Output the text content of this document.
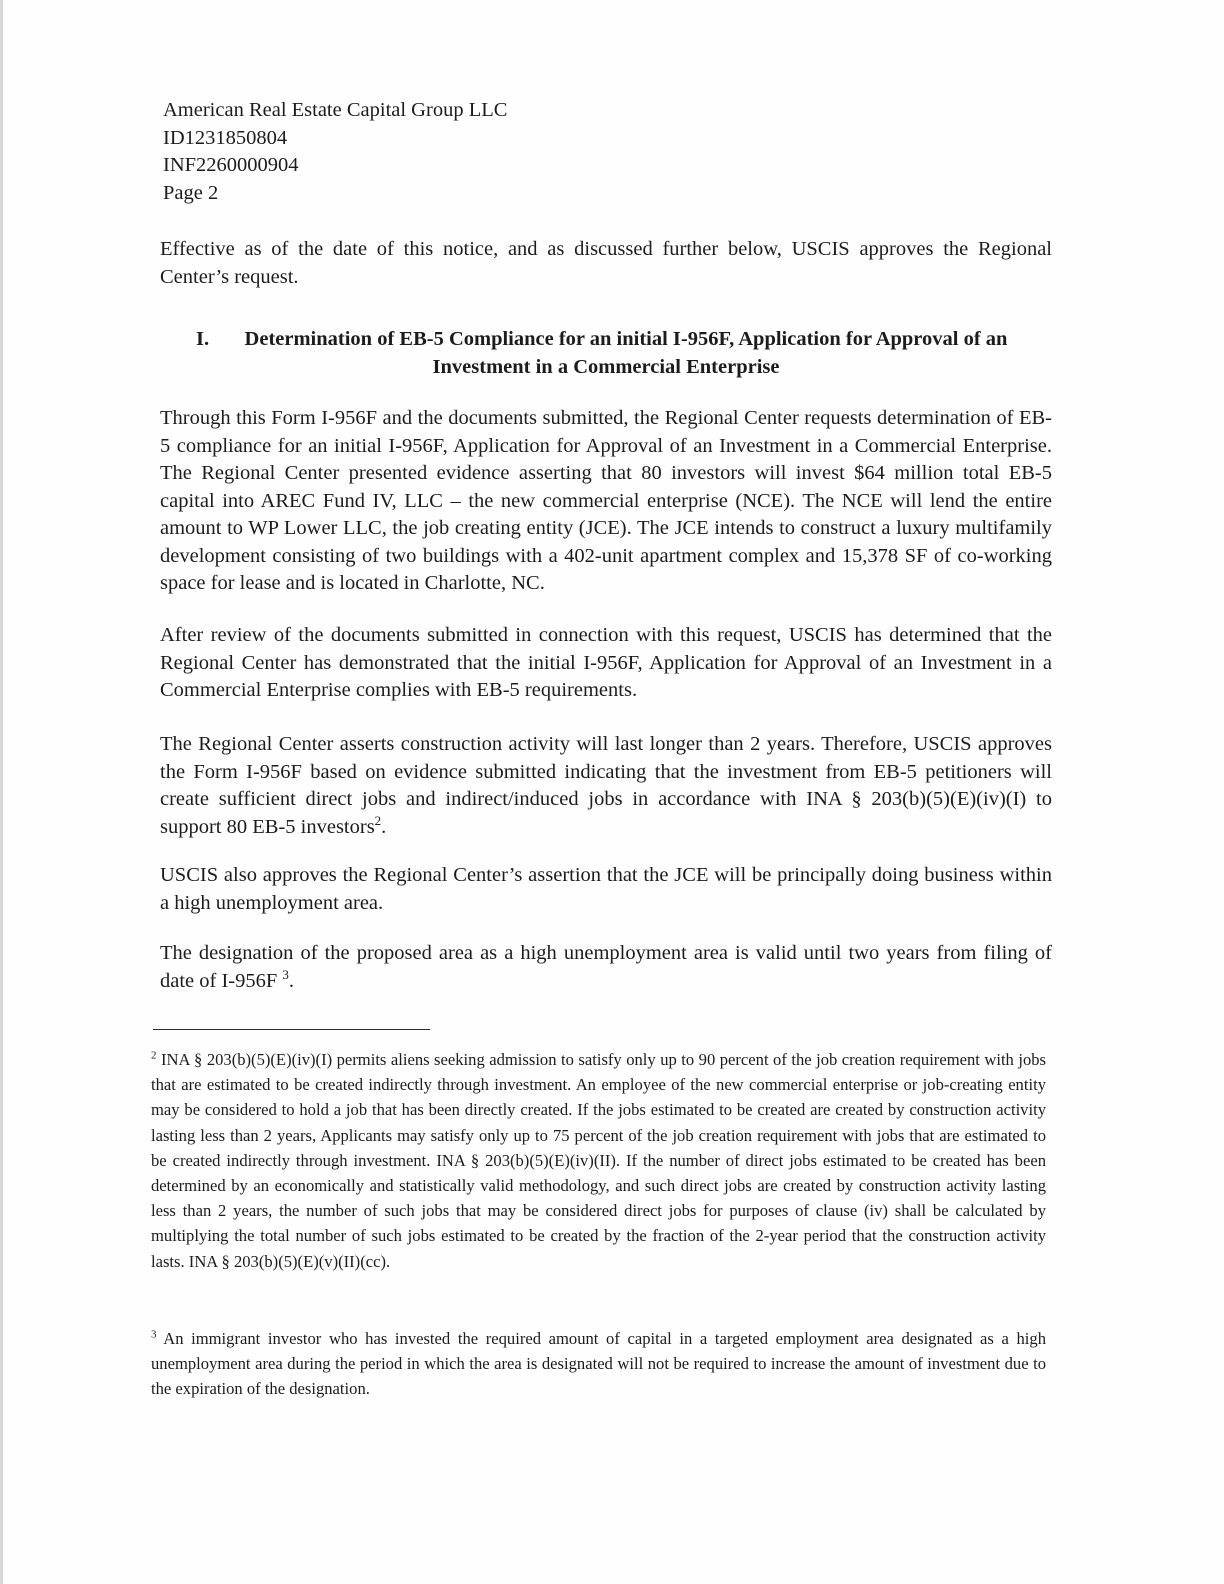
American Real Estate Capital Group LLC
ID1231850804
INF2260000904
Page 2

Effective as of the date of this notice, and as discussed further below, USCIS approves the Regional Center’s request.

I.	Determination of EB-5 Compliance for an initial I-956F, Application for Approval of an
Investment in a Commercial Enterprise

Through this Form I-956F and the documents submitted, the Regional Center requests determination of EB-5 compliance for an initial I-956F, Application for Approval of an Investment in a Commercial Enterprise. The Regional Center presented evidence asserting that 80 investors will invest $64 million total EB-5 capital into AREC Fund IV, LLC – the new commercial enterprise (NCE). The NCE will lend the entire amount to WP Lower LLC, the job creating entity (JCE). The JCE intends to construct a luxury multifamily development consisting of two buildings with a 402-unit apartment complex and 15,378 SF of co-working space for lease and is located in Charlotte, NC.

After review of the documents submitted in connection with this request, USCIS has determined that the Regional Center has demonstrated that the initial I-956F, Application for Approval of an Investment in a Commercial Enterprise complies with EB-5 requirements.

The Regional Center asserts construction activity will last longer than 2 years. Therefore, USCIS approves the Form I-956F based on evidence submitted indicating that the investment from EB-5 petitioners will create sufficient direct jobs and indirect/induced jobs in accordance with INA § 203(b)(5)(E)(iv)(I) to support 80 EB-5 investors$^2$.

USCIS also approves the Regional Center’s assertion that the JCE will be principally doing business within a high unemployment area.

The designation of the proposed area as a high unemployment area is valid until two years from filing of date of I-956F $^3$.

$^2$ INA § 203(b)(5)(E)(iv)(I) permits aliens seeking admission to satisfy only up to 90 percent of the job creation requirement with jobs that are estimated to be created indirectly through investment. An employee of the new commercial enterprise or job-creating entity may be considered to hold a job that has been directly created. If the jobs estimated to be created are created by construction activity lasting less than 2 years, Applicants may satisfy only up to 75 percent of the job creation requirement with jobs that are estimated to be created indirectly through investment. INA § 203(b)(5)(E)(iv)(II). If the number of direct jobs estimated to be created has been determined by an economically and statistically valid methodology, and such direct jobs are created by construction activity lasting less than 2 years, the number of such jobs that may be considered direct jobs for purposes of clause (iv) shall be calculated by multiplying the total number of such jobs estimated to be created by the fraction of the 2-year period that the construction activity lasts. INA § 203(b)(5)(E)(v)(II)(cc).

$^3$ An immigrant investor who has invested the required amount of capital in a targeted employment area designated as a high unemployment area during the period in which the area is designated will not be required to increase the amount of investment due to the expiration of the designation.
